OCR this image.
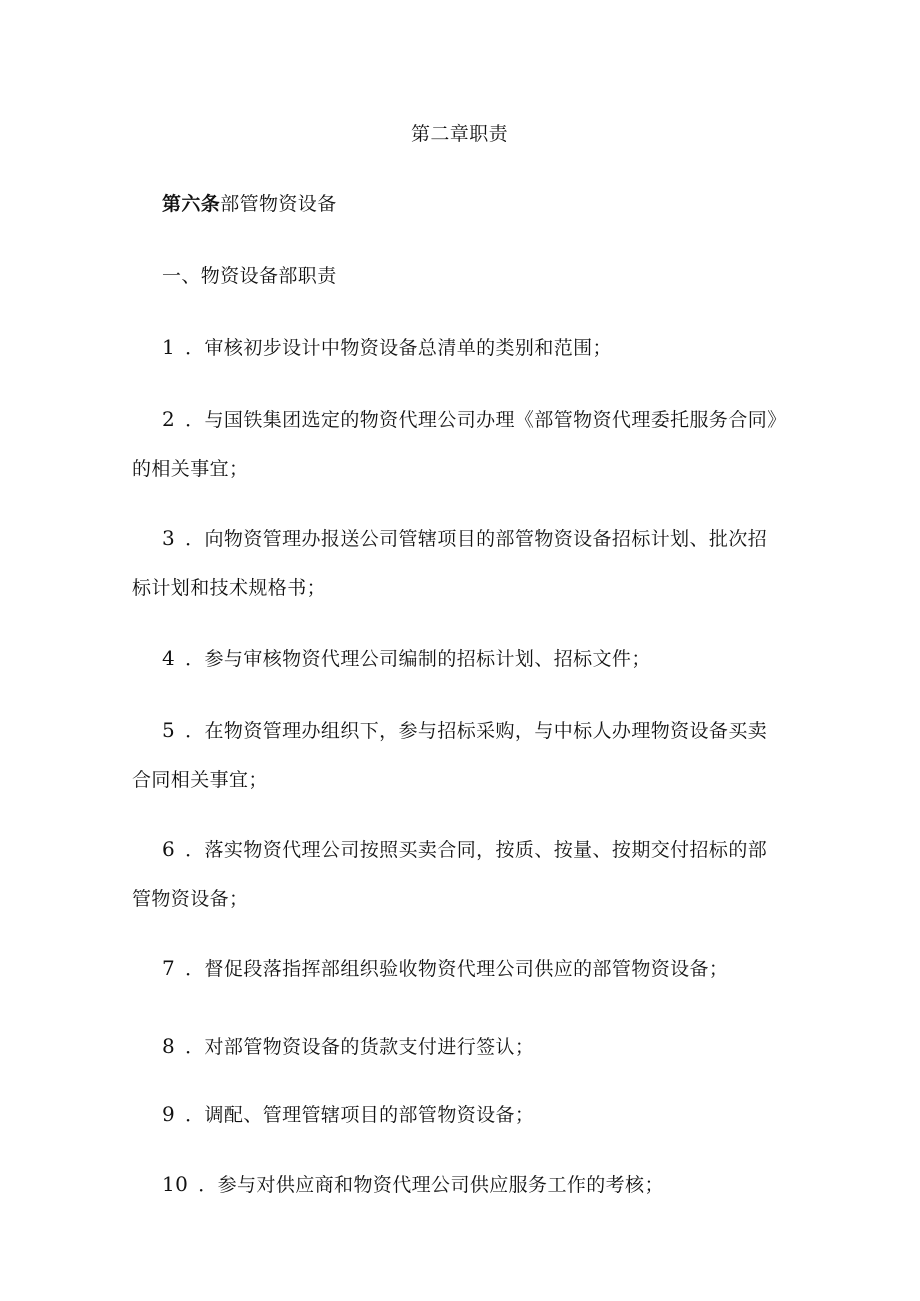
第二章职责
第六条部管物资设备
一、物资设备部职责
1 ．审核初步设计中物资设备总清单的类别和范围；
2 ．与国铁集团选定的物资代理公司办理《部管物资代理委托服务合同》
的相关事宜；
3 ．向物资管理办报送公司管辖项目的部管物资设备招标计划、批次招
标计划和技术规格书；
4 ．参与审核物资代理公司编制的招标计划、招标文件；
5 ．在物资管理办组织下，参与招标采购，与中标人办理物资设备买卖
合同相关事宜；
6 ．落实物资代理公司按照买卖合同，按质、按量、按期交付招标的部
管物资设备；
7 ．督促段落指挥部组织验收物资代理公司供应的部管物资设备；
8 ．对部管物资设备的货款支付进行签认；
9 ．调配、管理管辖项目的部管物资设备；
10 ．参与对供应商和物资代理公司供应服务工作的考核；
